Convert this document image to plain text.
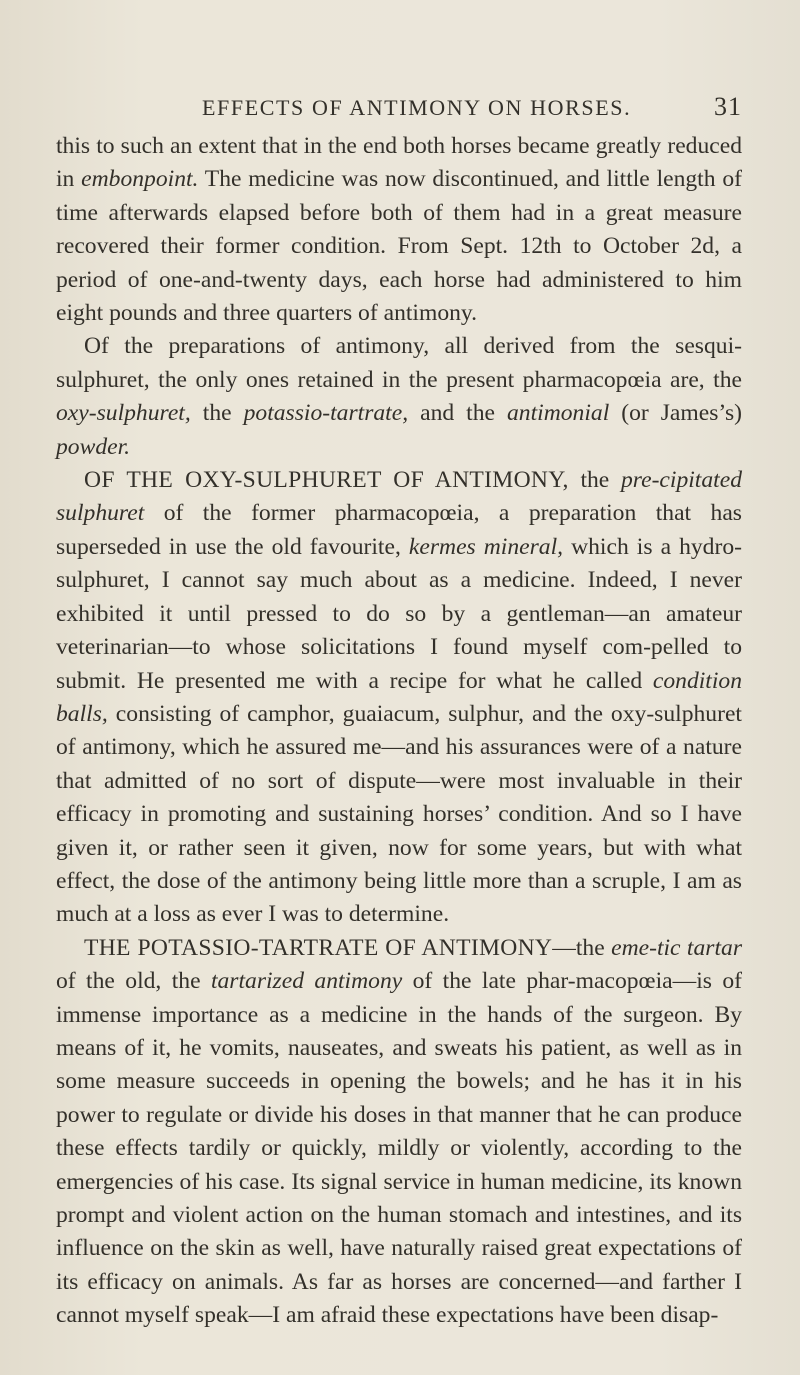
EFFECTS OF ANTIMONY ON HORSES.	31

this to such an extent that in the end both horses became greatly reduced in embonpoint. The medicine was now discontinued, and little length of time afterwards elapsed before both of them had in a great measure recovered their former condition. From Sept. 12th to October 2d, a period of one-and-twenty days, each horse had administered to him eight pounds and three quarters of antimony.

Of the preparations of antimony, all derived from the sesqui-sulphuret, the only ones retained in the present pharmacopœia are, the oxy-sulphuret, the potassio-tartrate, and the antimonial (or James’s) powder.

OF THE OXY-SULPHURET OF ANTIMONY, the pre-cipitated sulphuret of the former pharmacopœia, a preparation that has superseded in use the old favourite, kermes mineral, which is a hydro-sulphuret, I cannot say much about as a medicine. Indeed, I never exhibited it until pressed to do so by a gentleman—an amateur veterinarian—to whose solicitations I found myself com-pelled to submit. He presented me with a recipe for what he called condition balls, consisting of camphor, guaiacum, sulphur, and the oxy-sulphuret of antimony, which he assured me—and his assurances were of a nature that admitted of no sort of dispute—were most invaluable in their efficacy in promoting and sustaining horses’ condition. And so I have given it, or rather seen it given, now for some years, but with what effect, the dose of the antimony being little more than a scruple, I am as much at a loss as ever I was to determine.

THE POTASSIO-TARTRATE OF ANTIMONY—the eme-tic tartar of the old, the tartarized antimony of the late phar-macopœia—is of immense importance as a medicine in the hands of the surgeon. By means of it, he vomits, nauseates, and sweats his patient, as well as in some measure succeeds in opening the bowels; and he has it in his power to regulate or divide his doses in that manner that he can produce these effects tardily or quickly, mildly or violently, according to the emergencies of his case. Its signal service in human medicine, its known prompt and violent action on the human stomach and intestines, and its influence on the skin as well, have naturally raised great expectations of its efficacy on animals. As far as horses are concerned—and farther I cannot myself speak—I am afraid these expectations have been disap-
